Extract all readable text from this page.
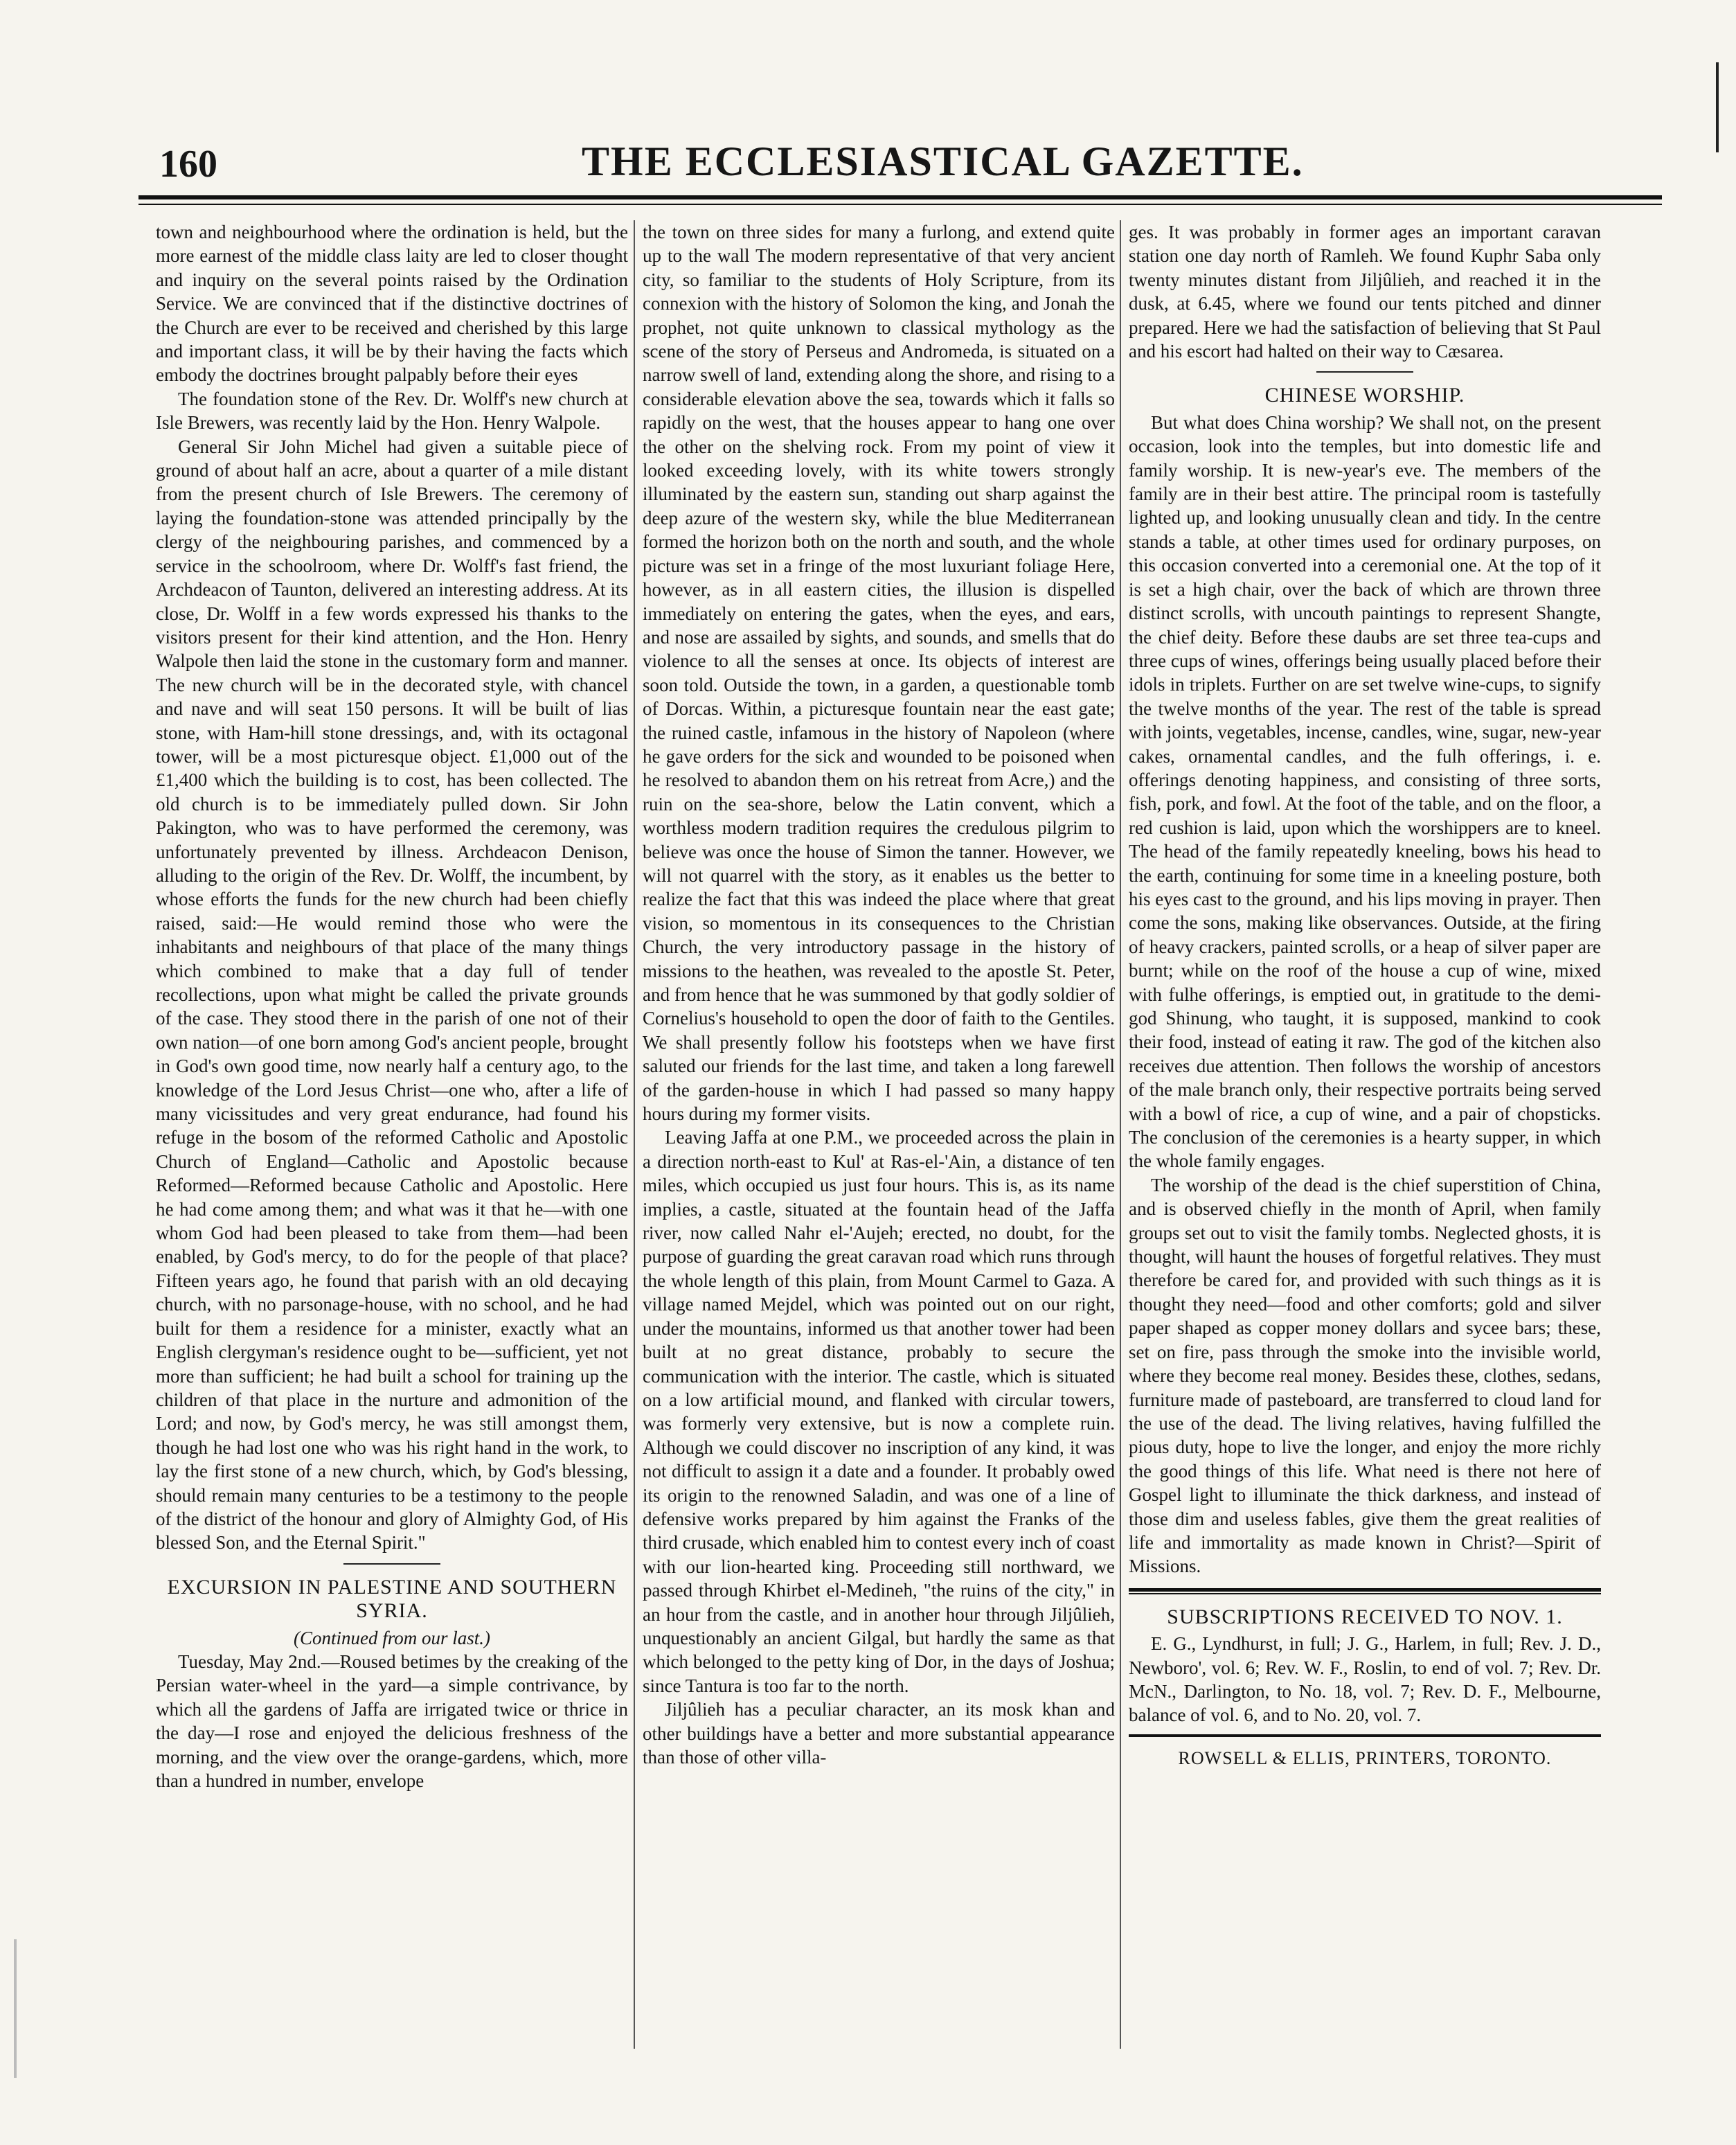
160	THE ECCLESIASTICAL GAZETTE.

town and neighbourhood where the ordination is held, but the more earnest of the middle class laity are led to closer thought and inquiry on the several points raised by the Ordination Service. We are convinced that if the distinctive doctrines of the Church are ever to be received and cherished by this large and important class, it will be by their having the facts which embody the doctrines brought palpably before their eyes

The foundation stone of the Rev. Dr. Wolff's new church at Isle Brewers, was recently laid by the Hon. Henry Walpole.

General Sir John Michel had given a suitable piece of ground of about half an acre, about a quarter of a mile distant from the present church of Isle Brewers. The ceremony of laying the foundation-stone was attended principally by the clergy of the neighbouring parishes, and commenced by a service in the schoolroom, where Dr. Wolff's fast friend, the Archdeacon of Taunton, delivered an interesting address. At its close, Dr. Wolff in a few words expressed his thanks to the visitors present for their kind attention, and the Hon. Henry Walpole then laid the stone in the customary form and manner. The new church will be in the decorated style, with chancel and nave and will seat 150 persons. It will be built of lias stone, with Ham-hill stone dressings, and, with its octagonal tower, will be a most picturesque object. £1,000 out of the £1,400 which the building is to cost, has been collected. The old church is to be immediately pulled down. Sir John Pakington, who was to have performed the ceremony, was unfortunately prevented by illness. Archdeacon Denison, alluding to the origin of the Rev. Dr. Wolff, the incumbent, by whose efforts the funds for the new church had been chiefly raised, said:—He would remind those who were the inhabitants and neighbours of that place of the many things which combined to make that a day full of tender recollections, upon what might be called the private grounds of the case. They stood there in the parish of one not of their own nation—of one born among God's ancient people, brought in God's own good time, now nearly half a century ago, to the knowledge of the Lord Jesus Christ—one who, after a life of many vicissitudes and very great endurance, had found his refuge in the bosom of the reformed Catholic and Apostolic Church of England—Catholic and Apostolic because Reformed—Reformed because Catholic and Apostolic. Here he had come among them; and what was it that he—with one whom God had been pleased to take from them—had been enabled, by God's mercy, to do for the people of that place? Fifteen years ago, he found that parish with an old decaying church, with no parsonage-house, with no school, and he had built for them a residence for a minister, exactly what an English clergyman's residence ought to be—sufficient, yet not more than sufficient; he had built a school for training up the children of that place in the nurture and admonition of the Lord; and now, by God's mercy, he was still amongst them, though he had lost one who was his right hand in the work, to lay the first stone of a new church, which, by God's blessing, should remain many centuries to be a testimony to the people of the district of the honour and glory of Almighty God, of His blessed Son, and the Eternal Spirit."

EXCURSION IN PALESTINE AND SOUTHERN SYRIA.

(Continued from our last.)

Tuesday, May 2nd.—Roused betimes by the creaking of the Persian water-wheel in the yard—a simple contrivance, by which all the gardens of Jaffa are irrigated twice or thrice in the day—I rose and enjoyed the delicious freshness of the morning, and the view over the orange-gardens, which, more than a hundred in number, envelope

the town on three sides for many a furlong, and extend quite up to the wall The modern representative of that very ancient city, so familiar to the students of Holy Scripture, from its connexion with the history of Solomon the king, and Jonah the prophet, not quite unknown to classical mythology as the scene of the story of Perseus and Andromeda, is situated on a narrow swell of land, extending along the shore, and rising to a considerable elevation above the sea, towards which it falls so rapidly on the west, that the houses appear to hang one over the other on the shelving rock. From my point of view it looked exceeding lovely, with its white towers strongly illuminated by the eastern sun, standing out sharp against the deep azure of the western sky, while the blue Mediterranean formed the horizon both on the north and south, and the whole picture was set in a fringe of the most luxuriant foliage Here, however, as in all eastern cities, the illusion is dispelled immediately on entering the gates, when the eyes, and ears, and nose are assailed by sights, and sounds, and smells that do violence to all the senses at once. Its objects of interest are soon told. Outside the town, in a garden, a questionable tomb of Dorcas. Within, a picturesque fountain near the east gate; the ruined castle, infamous in the history of Napoleon (where he gave orders for the sick and wounded to be poisoned when he resolved to abandon them on his retreat from Acre,) and the ruin on the sea-shore, below the Latin convent, which a worthless modern tradition requires the credulous pilgrim to believe was once the house of Simon the tanner. However, we will not quarrel with the story, as it enables us the better to realize the fact that this was indeed the place where that great vision, so momentous in its consequences to the Christian Church, the very introductory passage in the history of missions to the heathen, was revealed to the apostle St. Peter, and from hence that he was summoned by that godly soldier of Cornelius's household to open the door of faith to the Gentiles. We shall presently follow his footsteps when we have first saluted our friends for the last time, and taken a long farewell of the garden-house in which I had passed so many happy hours during my former visits.

Leaving Jaffa at one P.M., we proceeded across the plain in a direction north-east to Kul' at Ras-el-'Ain, a distance of ten miles, which occupied us just four hours. This is, as its name implies, a castle, situated at the fountain head of the Jaffa river, now called Nahr el-'Aujeh; erected, no doubt, for the purpose of guarding the great caravan road which runs through the whole length of this plain, from Mount Carmel to Gaza. A village named Mejdel, which was pointed out on our right, under the mountains, informed us that another tower had been built at no great distance, probably to secure the communication with the interior. The castle, which is situated on a low artificial mound, and flanked with circular towers, was formerly very extensive, but is now a complete ruin. Although we could discover no inscription of any kind, it was not difficult to assign it a date and a founder. It probably owed its origin to the renowned Saladin, and was one of a line of defensive works prepared by him against the Franks of the third crusade, which enabled him to contest every inch of coast with our lion-hearted king. Proceeding still northward, we passed through Khirbet el-Medineh, "the ruins of the city," in an hour from the castle, and in another hour through Jiljûlieh, unquestionably an ancient Gilgal, but hardly the same as that which belonged to the petty king of Dor, in the days of Joshua; since Tantura is too far to the north.

Jiljûlieh has a peculiar character, an its mosk khan and other buildings have a better and more substantial appearance than those of other villa-

ges. It was probably in former ages an important caravan station one day north of Ramleh. We found Kuphr Saba only twenty minutes distant from Jiljûlieh, and reached it in the dusk, at 6.45, where we found our tents pitched and dinner prepared. Here we had the satisfaction of believing that St Paul and his escort had halted on their way to Cæsarea.

CHINESE WORSHIP.

But what does China worship? We shall not, on the present occasion, look into the temples, but into domestic life and family worship. It is new-year's eve. The members of the family are in their best attire. The principal room is tastefully lighted up, and looking unusually clean and tidy. In the centre stands a table, at other times used for ordinary purposes, on this occasion converted into a ceremonial one. At the top of it is set a high chair, over the back of which are thrown three distinct scrolls, with uncouth paintings to represent Shangte, the chief deity. Before these daubs are set three tea-cups and three cups of wines, offerings being usually placed before their idols in triplets. Further on are set twelve wine-cups, to signify the twelve months of the year. The rest of the table is spread with joints, vegetables, incense, candles, wine, sugar, new-year cakes, ornamental candles, and the fulh offerings, i. e. offerings denoting happiness, and consisting of three sorts, fish, pork, and fowl. At the foot of the table, and on the floor, a red cushion is laid, upon which the worshippers are to kneel. The head of the family repeatedly kneeling, bows his head to the earth, continuing for some time in a kneeling posture, both his eyes cast to the ground, and his lips moving in prayer. Then come the sons, making like observances. Outside, at the firing of heavy crackers, painted scrolls, or a heap of silver paper are burnt; while on the roof of the house a cup of wine, mixed with fulhe offerings, is emptied out, in gratitude to the demi-god Shinung, who taught, it is supposed, mankind to cook their food, instead of eating it raw. The god of the kitchen also receives due attention. Then follows the worship of ancestors of the male branch only, their respective portraits being served with a bowl of rice, a cup of wine, and a pair of chopsticks. The conclusion of the ceremonies is a hearty supper, in which the whole family engages.

The worship of the dead is the chief superstition of China, and is observed chiefly in the month of April, when family groups set out to visit the family tombs. Neglected ghosts, it is thought, will haunt the houses of forgetful relatives. They must therefore be cared for, and provided with such things as it is thought they need—food and other comforts; gold and silver paper shaped as copper money dollars and sycee bars; these, set on fire, pass through the smoke into the invisible world, where they become real money. Besides these, clothes, sedans, furniture made of pasteboard, are transferred to cloud land for the use of the dead. The living relatives, having fulfilled the pious duty, hope to live the longer, and enjoy the more richly the good things of this life. What need is there not here of Gospel light to illuminate the thick darkness, and instead of those dim and useless fables, give them the great realities of life and immortality as made known in Christ?—Spirit of Missions.

SUBSCRIPTIONS RECEIVED TO NOV. 1.

E. G., Lyndhurst, in full; J. G., Harlem, in full; Rev. J. D., Newboro', vol. 6; Rev. W. F., Roslin, to end of vol. 7; Rev. Dr. McN., Darlington, to No. 18, vol. 7; Rev. D. F., Melbourne, balance of vol. 6, and to No. 20, vol. 7.

ROWSELL & ELLIS, PRINTERS, TORONTO.
